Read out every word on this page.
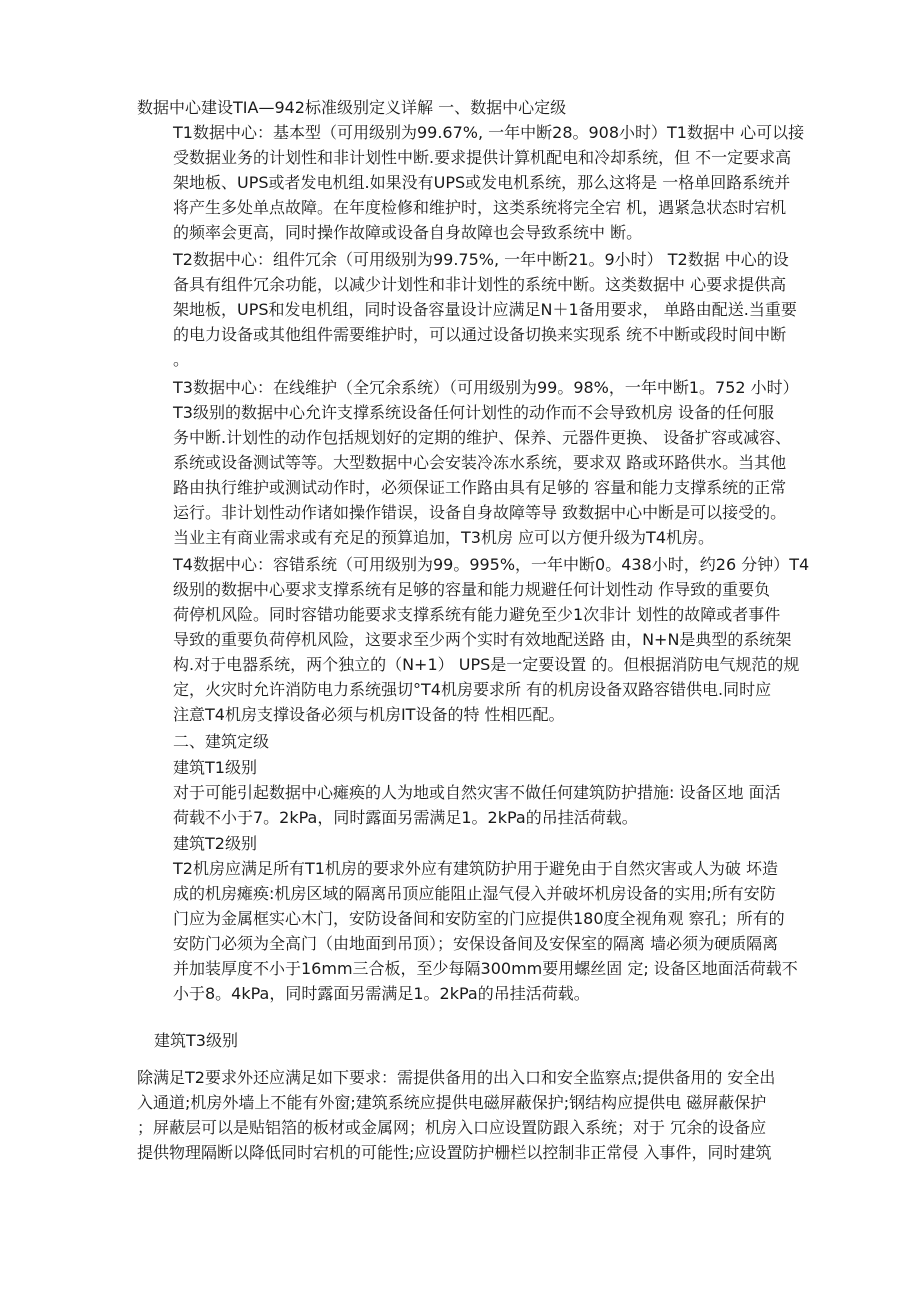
数据中心建设TIA—942标准级别定义详解 一、数据中心定级
T1数据中心：基本型（可用级别为99.67%, 一年中断28。908小时）T1数据中 心可以接
受数据业务的计划性和非计划性中断.要求提供计算机配电和冷却系统，但 不一定要求高
架地板、UPS或者发电机组.如果没有UPS或发电机系统，那么这将是 一格单回路系统并
将产生多处单点故障。在年度检修和维护时，这类系统将完全宕 机，遇紧急状态时宕机
的频率会更高，同时操作故障或设备自身故障也会导致系统中 断。
T2数据中心：组件冗余（可用级别为99.75%, 一年中断21。9小时） T2数据 中心的设
备具有组件冗余功能，以减少计划性和非计划性的系统中断。这类数据中 心要求提供高
架地板，UPS和发电机组，同时设备容量设计应满足N＋1备用要求， 单路由配送.当重要
的电力设备或其他组件需要维护时，可以通过设备切换来实现系 统不中断或段时间中断
。
T3数据中心：在线维护（全冗余系统）（可用级别为99。98%，一年中断1。752 小时）
T3级别的数据中心允许支撑系统设备任何计划性的动作而不会导致机房 设备的任何服
务中断.计划性的动作包括规划好的定期的维护、保养、元器件更换、 设备扩容或减容、
系统或设备测试等等。大型数据中心会安装冷冻水系统，要求双 路或环路供水。当其他
路由执行维护或测试动作时，必须保证工作路由具有足够的 容量和能力支撑系统的正常
运行。非计划性动作诸如操作错误，设备自身故障等导 致数据中心中断是可以接受的。
当业主有商业需求或有充足的预算追加，T3机房 应可以方便升级为T4机房。
T4数据中心：容错系统（可用级别为99。995%，一年中断0。438小时，约26 分钟）T4
级别的数据中心要求支撑系统有足够的容量和能力规避任何计划性动 作导致的重要负
荷停机风险。同时容错功能要求支撑系统有能力避免至少1次非计 划性的故障或者事件
导致的重要负荷停机风险，这要求至少两个实时有效地配送路 由，N+N是典型的系统架
构.对于电器系统，两个独立的（N+1） UPS是一定要设置 的。但根据消防电气规范的规
定，火灾时允许消防电力系统强切°T4机房要求所 有的机房设备双路容错供电.同时应
注意T4机房支撑设备必须与机房IT设备的特 性相匹配。
二、建筑定级
建筑T1级别
对于可能引起数据中心瘫痪的人为地或自然灾害不做任何建筑防护措施: 设备区地 面活
荷载不小于7。2kPa，同时露面另需满足1。2kPa的吊挂活荷载。
建筑T2级别
T2机房应满足所有T1机房的要求外应有建筑防护用于避免由于自然灾害或人为破 坏造
成的机房瘫痪:机房区域的隔离吊顶应能阻止湿气侵入并破坏机房设备的实用;所有安防
门应为金属框实心木门，安防设备间和安防室的门应提供180度全视角观 察孔；所有的
安防门必须为全高门（由地面到吊顶）；安保设备间及安保室的隔离 墙必须为硬质隔离
并加装厚度不小于16mm三合板，至少每隔300mm要用螺丝固 定; 设备区地面活荷载不
小于8。4kPa，同时露面另需满足1。2kPa的吊挂活荷载。
建筑T3级别
除满足T2要求外还应满足如下要求：需提供备用的出入口和安全监察点;提供备用的 安全出
入通道;机房外墙上不能有外窗;建筑系统应提供电磁屏蔽保护;钢结构应提供电 磁屏蔽保护
；屏蔽层可以是贴铝箔的板材或金属网；机房入口应设置防跟入系统；对于 冗余的设备应
提供物理隔断以降低同时宕机的可能性;应设置防护栅栏以控制非正常侵 入事件，同时建筑
